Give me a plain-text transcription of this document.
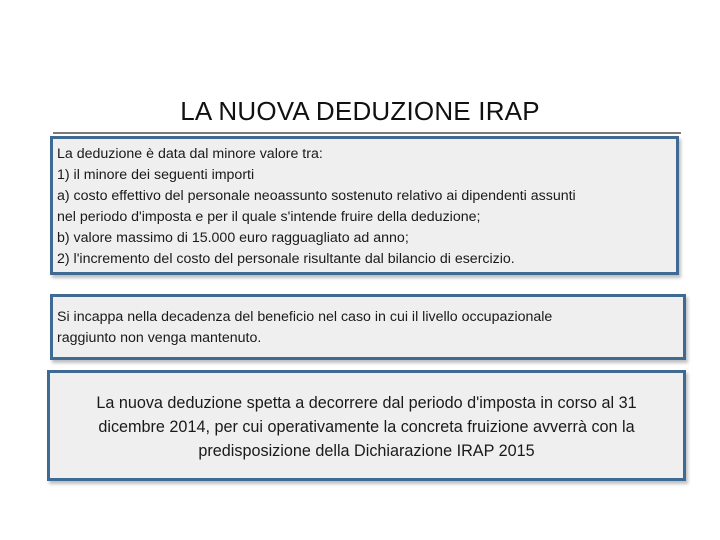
LA NUOVA DEDUZIONE IRAP
La deduzione è data dal minore valore tra:
1) il minore dei seguenti importi
a) costo effettivo del personale neoassunto sostenuto relativo ai dipendenti assunti
nel periodo d'imposta e per il quale s'intende fruire della deduzione;
b) valore massimo di 15.000 euro ragguagliato ad anno;
2) l'incremento del costo del personale risultante dal bilancio di esercizio.
Si incappa nella decadenza del beneficio nel caso in cui il livello occupazionale
raggiunto non venga mantenuto.
La nuova deduzione spetta a decorrere dal periodo d'imposta in corso al 31
dicembre 2014, per cui operativamente la concreta fruizione avverrà con la
predisposizione della Dichiarazione IRAP 2015
